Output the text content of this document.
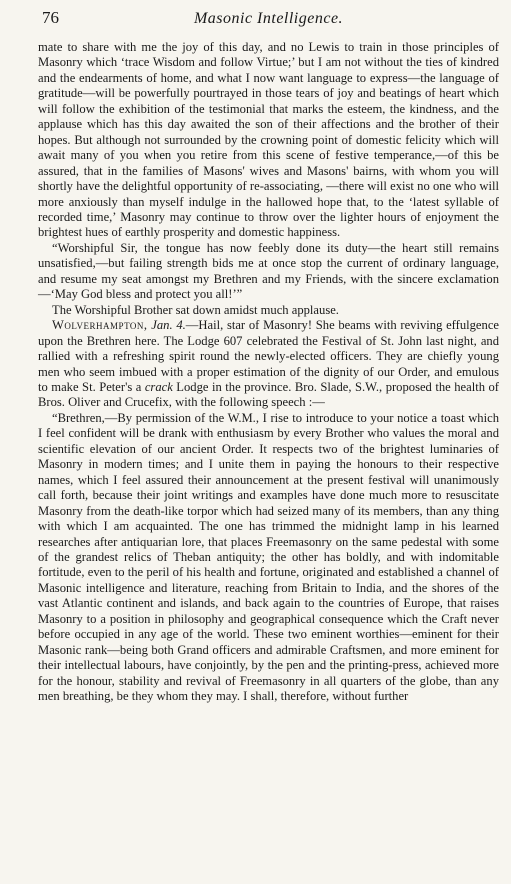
76	Masonic Intelligence.

mate to share with me the joy of this day, and no Lewis to train in those principles of Masonry which ‘trace Wisdom and follow Virtue;’ but I am not without the ties of kindred and the endearments of home, and what I now want language to express—the language of gratitude—will be powerfully pourtrayed in those tears of joy and beatings of heart which will follow the exhibition of the testimonial that marks the esteem, the kindness, and the applause which has this day awaited the son of their affections and the brother of their hopes. But although not surrounded by the crowning point of domestic felicity which will await many of you when you retire from this scene of festive temperance,—of this be assured, that in the families of Masons' wives and Masons' bairns, with whom you will shortly have the delightful opportunity of re-associating, —there will exist no one who will more anxiously than myself indulge in the hallowed hope that, to the ‘latest syllable of recorded time,’ Masonry may continue to throw over the lighter hours of enjoyment the brightest hues of earthly prosperity and domestic happiness.

“Worshipful Sir, the tongue has now feebly done its duty—the heart still remains unsatisfied,—but failing strength bids me at once stop the current of ordinary language, and resume my seat amongst my Brethren and my Friends, with the sincere exclamation—‘May God bless and protect you all!’”

The Worshipful Brother sat down amidst much applause.

Wolverhampton, Jan. 4.—Hail, star of Masonry! She beams with reviving effulgence upon the Brethren here. The Lodge 607 celebrated the Festival of St. John last night, and rallied with a refreshing spirit round the newly-elected officers. They are chiefly young men who seem imbued with a proper estimation of the dignity of our Order, and emulous to make St. Peter's a crack Lodge in the province. Bro. Slade, S.W., proposed the health of Bros. Oliver and Crucefix, with the following speech :—

“Brethren,—By permission of the W.M., I rise to introduce to your notice a toast which I feel confident will be drank with enthusiasm by every Brother who values the moral and scientific elevation of our ancient Order. It respects two of the brightest luminaries of Masonry in modern times; and I unite them in paying the honours to their respective names, which I feel assured their announcement at the present festival will unanimously call forth, because their joint writings and examples have done much more to resuscitate Masonry from the death-like torpor which had seized many of its members, than any thing with which I am acquainted. The one has trimmed the midnight lamp in his learned researches after antiquarian lore, that places Freemasonry on the same pedestal with some of the grandest relics of Theban antiquity; the other has boldly, and with indomitable fortitude, even to the peril of his health and fortune, originated and established a channel of Masonic intelligence and literature, reaching from Britain to India, and the shores of the vast Atlantic continent and islands, and back again to the countries of Europe, that raises Masonry to a position in philosophy and geographical consequence which the Craft never before occupied in any age of the world. These two eminent worthies—eminent for their Masonic rank—being both Grand officers and admirable Craftsmen, and more eminent for their intellectual labours, have conjointly, by the pen and the printing-press, achieved more for the honour, stability and revival of Freemasonry in all quarters of the globe, than any men breathing, be they whom they may. I shall, therefore, without further
